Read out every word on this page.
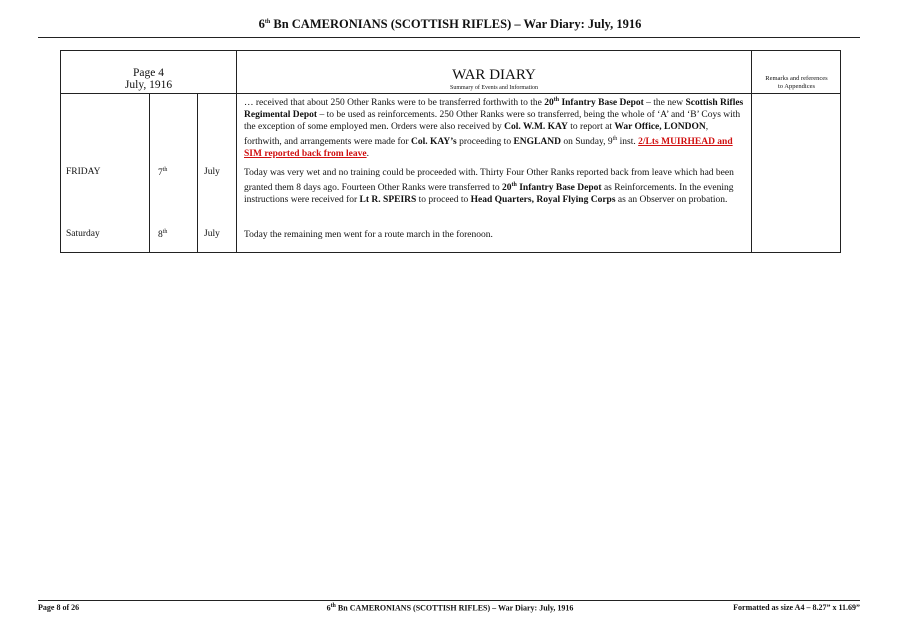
6th Bn CAMERONIANS (SCOTTISH RIFLES) – War Diary: July, 1916
Page 4
July, 1916
WAR DIARY
Summary of Events and Information
Remarks and references
to Appendices

… received that about 250 Other Ranks were to be transferred forthwith to the 20th Infantry Base Depot – the new Scottish Rifles Regimental Depot – to be used as reinforcements. 250 Other Ranks were so transferred, being the whole of ‘A’ and ‘B’ Coys with the exception of some employed men. Orders were also received by Col. W.M. KAY to report at War Office, LONDON, forthwith, and arrangements were made for Col. KAY’s proceeding to ENGLAND on Sunday, 9th inst. 2/Lts MUIRHEAD and SIM reported back from leave.

FRIDAY	7th	July	Today was very wet and no training could be proceeded with. Thirty Four Other Ranks reported back from leave which had been granted them 8 days ago. Fourteen Other Ranks were transferred to 20th Infantry Base Depot as Reinforcements. In the evening instructions were received for Lt R. SPEIRS to proceed to Head Quarters, Royal Flying Corps as an Observer on probation.

Saturday	8th	July	Today the remaining men went for a route march in the forenoon.

Page 8 of 26	6th Bn CAMERONIANS (SCOTTISH RIFLES) – War Diary: July, 1916	Formatted as size A4 – 8.27” x 11.69”
